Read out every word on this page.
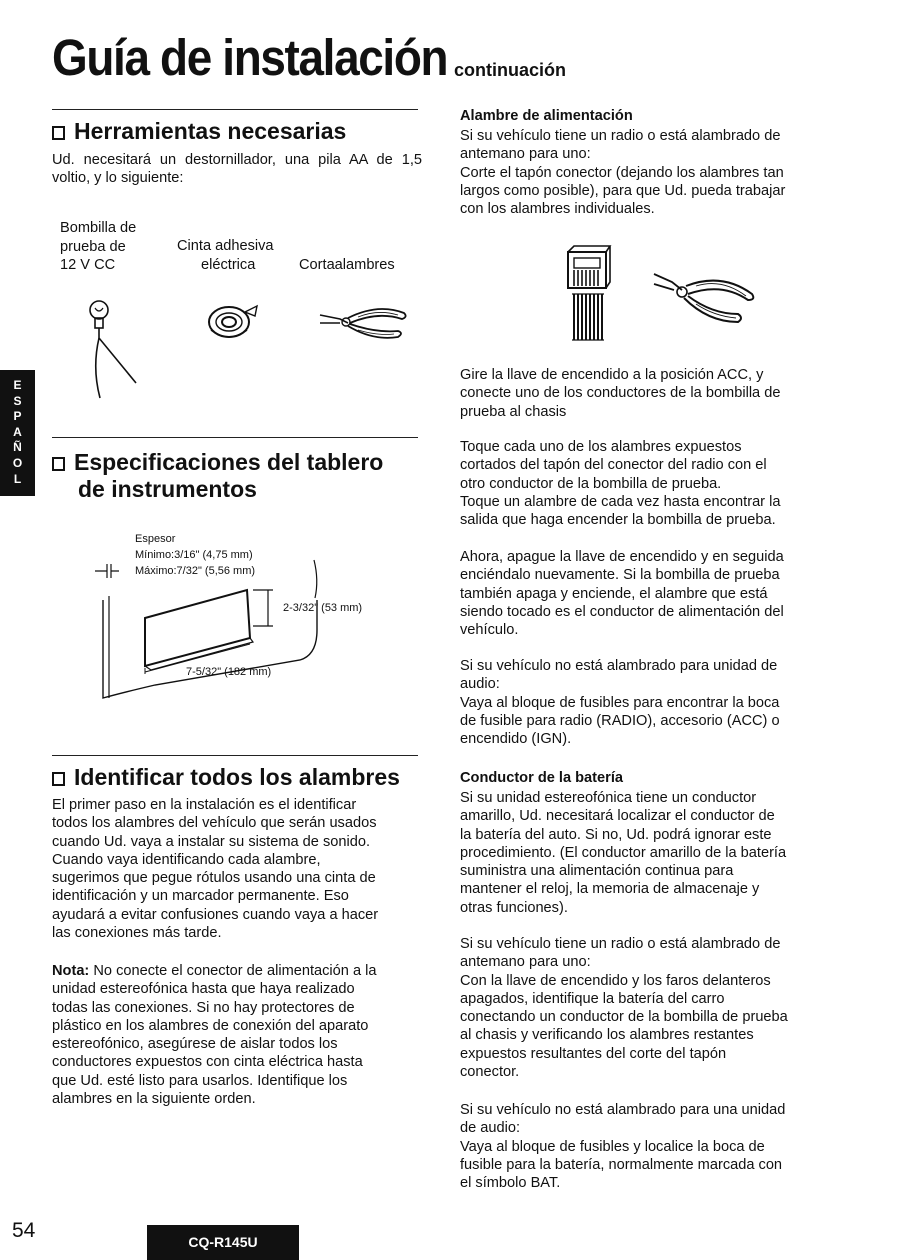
Guía de instalación continuación
E
S
P
A
Ñ
O
L
Herramientas necesarias
Ud. necesitará un destornillador, una pila AA de 1,5 voltio, y lo siguiente:
Bombilla de
prueba de
12 V CC
Cinta adhesiva
eléctrica	Cortaalambres
Especificaciones del tablero
de instrumentos
Espesor
Mínimo:3/16" (4,75 mm)
Máximo:7/32" (5,56 mm)
2-3/32" (53 mm)
7-5/32" (182 mm)
Identificar todos los alambres
El primer paso en la instalación es el identificar
todos los alambres del vehículo que serán usados
cuando Ud. vaya a instalar su sistema de sonido.
Cuando vaya identificando cada alambre,
sugerimos que pegue rótulos usando una cinta de
identificación y un marcador permanente. Eso
ayudará a evitar confusiones cuando vaya a hacer
las conexiones más tarde.
Nota: No conecte el conector de alimentación a la
unidad estereofónica hasta que haya realizado
todas las conexiones. Si no hay protectores de
plástico en los alambres de conexión del aparato
estereofónico, asegúrese de aislar todos los
conductores expuestos con cinta eléctrica hasta
que Ud. esté listo para usarlos. Identifique los
alambres en la siguiente orden.
Alambre de alimentación
Si su vehículo tiene un radio o está alambrado de
antemano para uno:
Corte el tapón conector (dejando los alambres tan
largos como posible), para que Ud. pueda trabajar
con los alambres individuales.
Gire la llave de encendido a la posición ACC, y
conecte uno de los conductores de la bombilla de
prueba al chasis
Toque cada uno de los alambres expuestos
cortados del tapón del conector del radio con el
otro conductor de la bombilla de prueba.
Toque un alambre de cada vez hasta encontrar la
salida que haga encender la bombilla de prueba.
Ahora, apague la llave de encendido y en seguida
enciéndalo nuevamente. Si la bombilla de prueba
también apaga y enciende, el alambre que está
siendo tocado es el conductor de alimentación del
vehículo.
Si su vehículo no está alambrado para unidad de
audio:
Vaya al bloque de fusibles para encontrar la boca
de fusible para radio (RADIO), accesorio (ACC) o
encendido (IGN).
Conductor de la batería
Si su unidad estereofónica tiene un conductor
amarillo, Ud. necesitará localizar el conductor de
la batería del auto. Si no, Ud. podrá ignorar este
procedimiento. (El conductor amarillo de la batería
suministra una alimentación continua para
mantener el reloj, la memoria de almacenaje y
otras funciones).
Si su vehículo tiene un radio o está alambrado de
antemano para uno:
Con la llave de encendido y los faros delanteros
apagados, identifique la batería del carro
conectando un conductor de la bombilla de prueba
al chasis y verificando los alambres restantes
expuestos resultantes del corte del tapón
conector.
Si su vehículo no está alambrado para una unidad
de audio:
Vaya al bloque de fusibles y localice la boca de
fusible para la batería, normalmente marcada con
el símbolo BAT.
54	CQ-R145U
